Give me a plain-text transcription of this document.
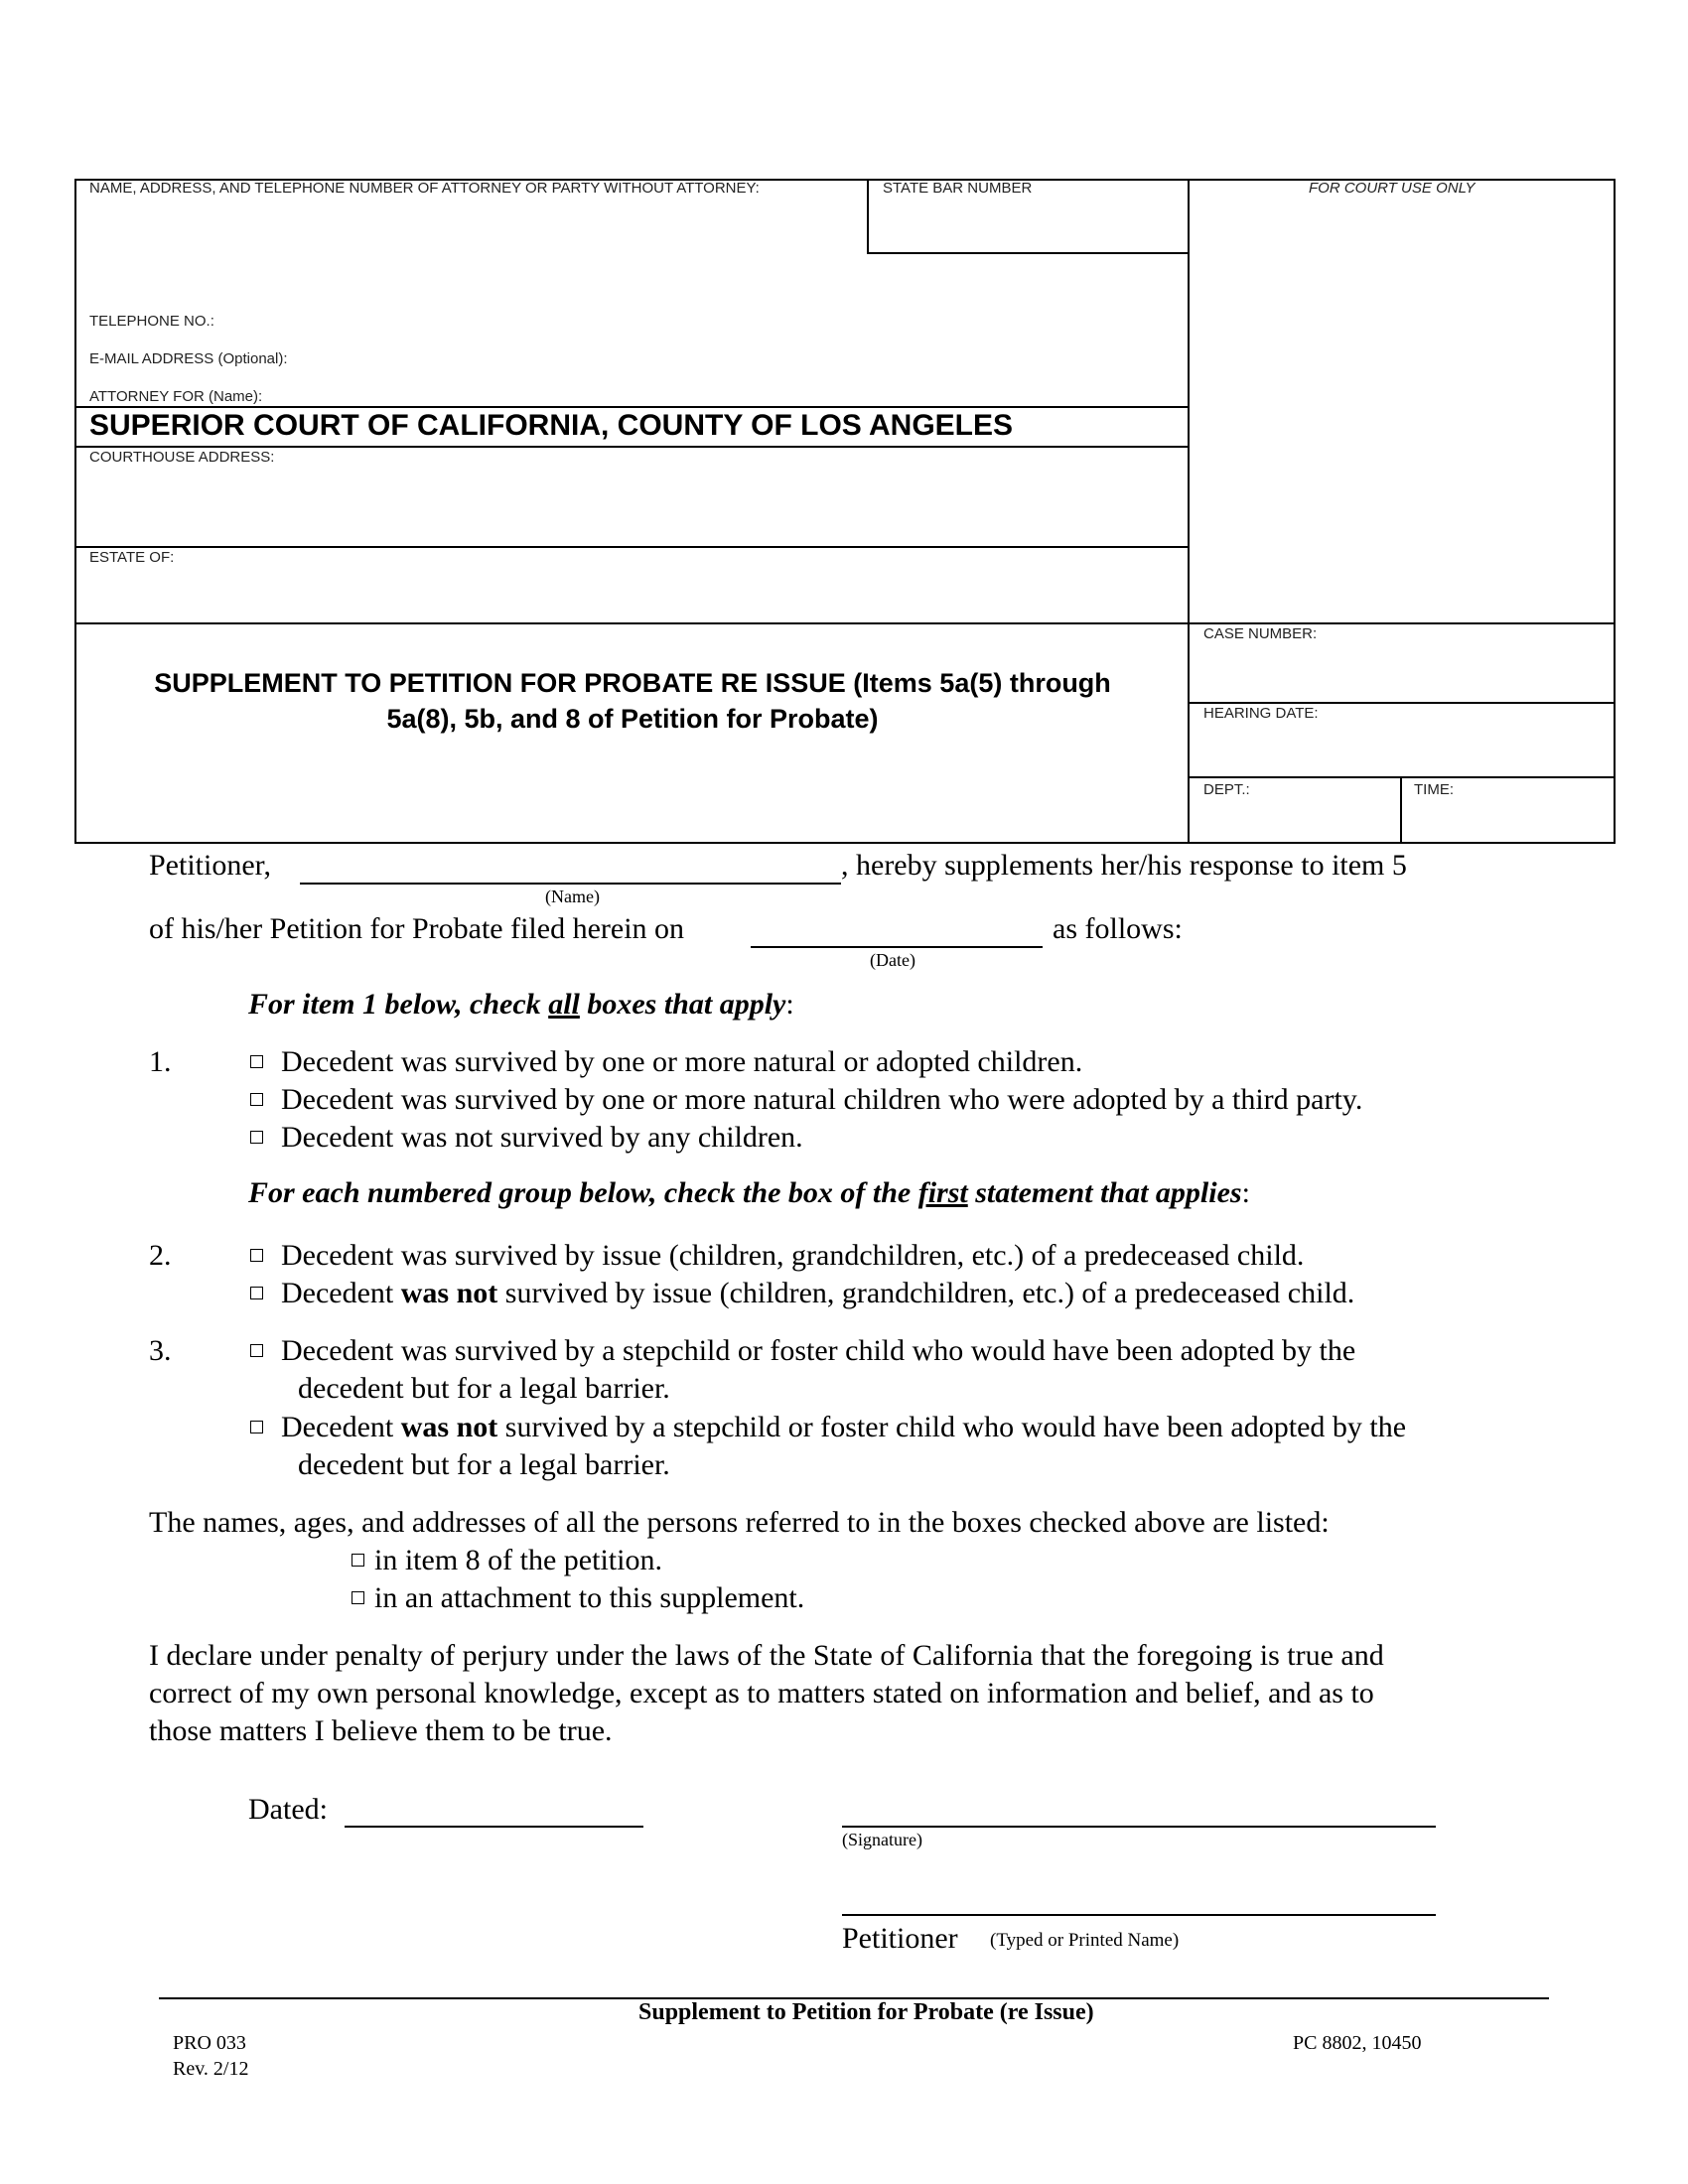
NAME, ADDRESS, AND TELEPHONE NUMBER OF ATTORNEY OR PARTY WITHOUT ATTORNEY:	STATE BAR NUMBER	FOR COURT USE ONLY
TELEPHONE NO.:
E-MAIL ADDRESS (Optional):
ATTORNEY FOR (Name):
SUPERIOR COURT OF CALIFORNIA, COUNTY OF LOS ANGELES
COURTHOUSE ADDRESS:
ESTATE OF:
SUPPLEMENT TO PETITION FOR PROBATE RE ISSUE (Items 5a(5) through
5a(8), 5b, and 8 of Petition for Probate)
CASE NUMBER:
HEARING DATE:
DEPT.:	TIME:
Petitioner,	, hereby supplements her/his response to item 5
(Name)
of his/her Petition for Probate filed herein on	as follows:
(Date)
For item 1 below, check all boxes that apply:
1.	Decedent was survived by one or more natural or adopted children.
Decedent was survived by one or more natural children who were adopted by a third party.
Decedent was not survived by any children.
For each numbered group below, check the box of the first statement that applies:
2.	Decedent was survived by issue (children, grandchildren, etc.) of a predeceased child.
Decedent was not survived by issue (children, grandchildren, etc.) of a predeceased child.
3.	Decedent was survived by a stepchild or foster child who would have been adopted by the
decedent but for a legal barrier.
Decedent was not survived by a stepchild or foster child who would have been adopted by the
decedent but for a legal barrier.
The names, ages, and addresses of all the persons referred to in the boxes checked above are listed:
in item 8 of the petition.
in an attachment to this supplement.
I declare under penalty of perjury under the laws of the State of California that the foregoing is true and
correct of my own personal knowledge, except as to matters stated on information and belief, and as to
those matters I believe them to be true.
Dated:
(Signature)
Petitioner (Typed or Printed Name)
Supplement to Petition for Probate (re Issue)
PRO 033
Rev. 2/12
PC 8802, 10450
